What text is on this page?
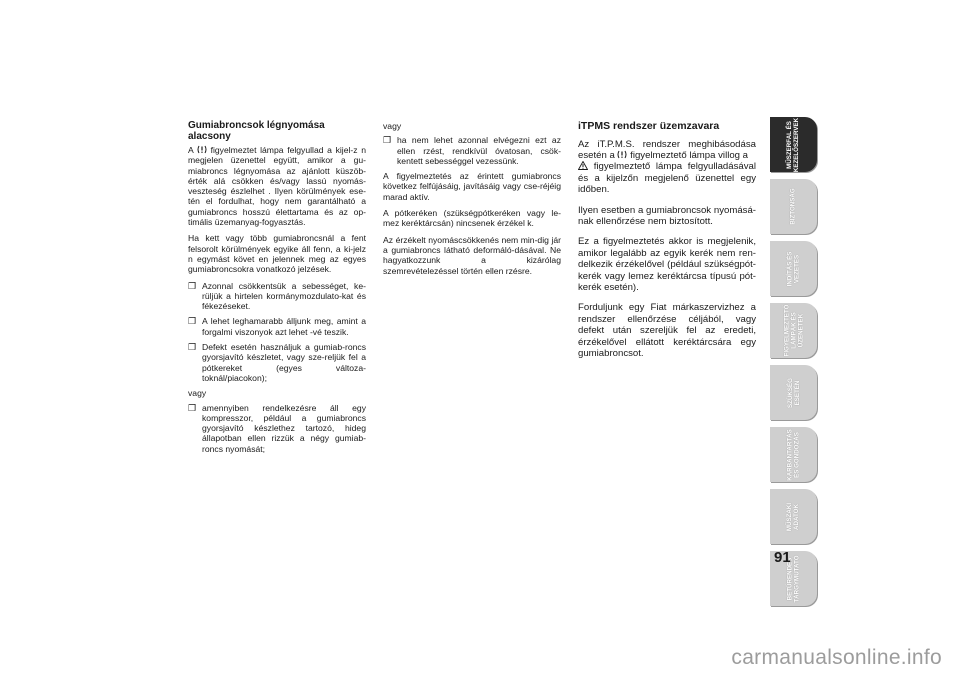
Gumiabroncsok légnyomása alacsony

A figyelmeztet lámpa felgyullad a kijel-z n megjelen üzenettel együtt, amikor a gu-miabroncs légnyomása az ajánlott küszöb-érték alá csökken és/vagy lassú nyomás-veszteség észlelhet . Ilyen körülmények ese-tén el fordulhat, hogy nem garantálható a gumiabroncs hosszú élettartama és az op-timális üzemanyag-fogyasztás.

Ha kett vagy több gumiabroncsnál a fent felsorolt körülmények egyike áll fenn, a ki-jelz n egymást követ en jelennek meg az egyes gumiabroncsokra vonatkozó jelzések.

❒ Azonnal csökkentsük a sebességet, ke-rüljük a hirtelen kormánymozdulato-kat és fékezéseket.
❒ A lehet leghamarabb álljunk meg, amint a forgalmi viszonyok azt lehet -vé teszik.
❒ Defekt esetén használjuk a gumiab-roncs gyorsjavító készletet, vagy sze-reljük fel a pótkereket (egyes változa-toknál/piacokon);

vagy

❒ amennyiben rendelkezésre áll egy kompresszor, például a gumiabroncs gyorsjavító készlethez tartozó, hideg állapotban ellen rizzük a négy gumiab-roncs nyomását;

vagy

❒ ha nem lehet azonnal elvégezni ezt az ellen rzést, rendkívül óvatosan, csök-kentett sebességgel vezessünk.

A figyelmeztetés az érintett gumiabroncs következ felfújásáig, javításáig vagy cse-réjéig marad aktív.

A pótkeréken (szükségpótkeréken vagy le-mez keréktárcsán) nincsenek érzékel k.

Az érzékelt nyomáscsökkenés nem min-dig jár a gumiabroncs látható deformáló-dásával. Ne hagyatkozzunk a kizárólag szemrevételezéssel történ ellen rzésre.

iTPMS rendszer üzemzavara

Az iT.P.M.S. rendszer meghibásodása esetén a figyelmeztető lámpa villog a
figyelmeztető lámpa felgyulladásával és a kijelzőn megjelenő üzenettel egy időben.

Ilyen esetben a gumiabroncsok nyomásá-nak ellenőrzése nem biztosított.

Ez a figyelmeztetés akkor is megjelenik, amikor legalább az egyik kerék nem ren-delkezik érzékelővel (például szükségpót-kerék vagy lemez keréktárcsa típusú pót-kerék esetén).

Forduljunk egy Fiat márkaszervizhez a rendszer ellenőrzése céljából, vagy defekt után szereljük fel az eredeti, érzékelővel ellátott keréktárcsára egy gumiabroncsot.

MŰSZERFAL ÉS
KEZELŐSZERVEK
BIZTONSÁG
INDÍTÁS ÉS
VEZETÉS
FIGYELMEZTETŐ
LÁMPÁK ÉS
ÜZENETEK
SZÜKSÉG
ESETÉN
KARBANTARTÁS
ÉS GONDOZÁS
MŰSZAKI
ADATOK
BETŰRENDES
TÁRGYMUTATÓ
91
carmanualsonline.info
